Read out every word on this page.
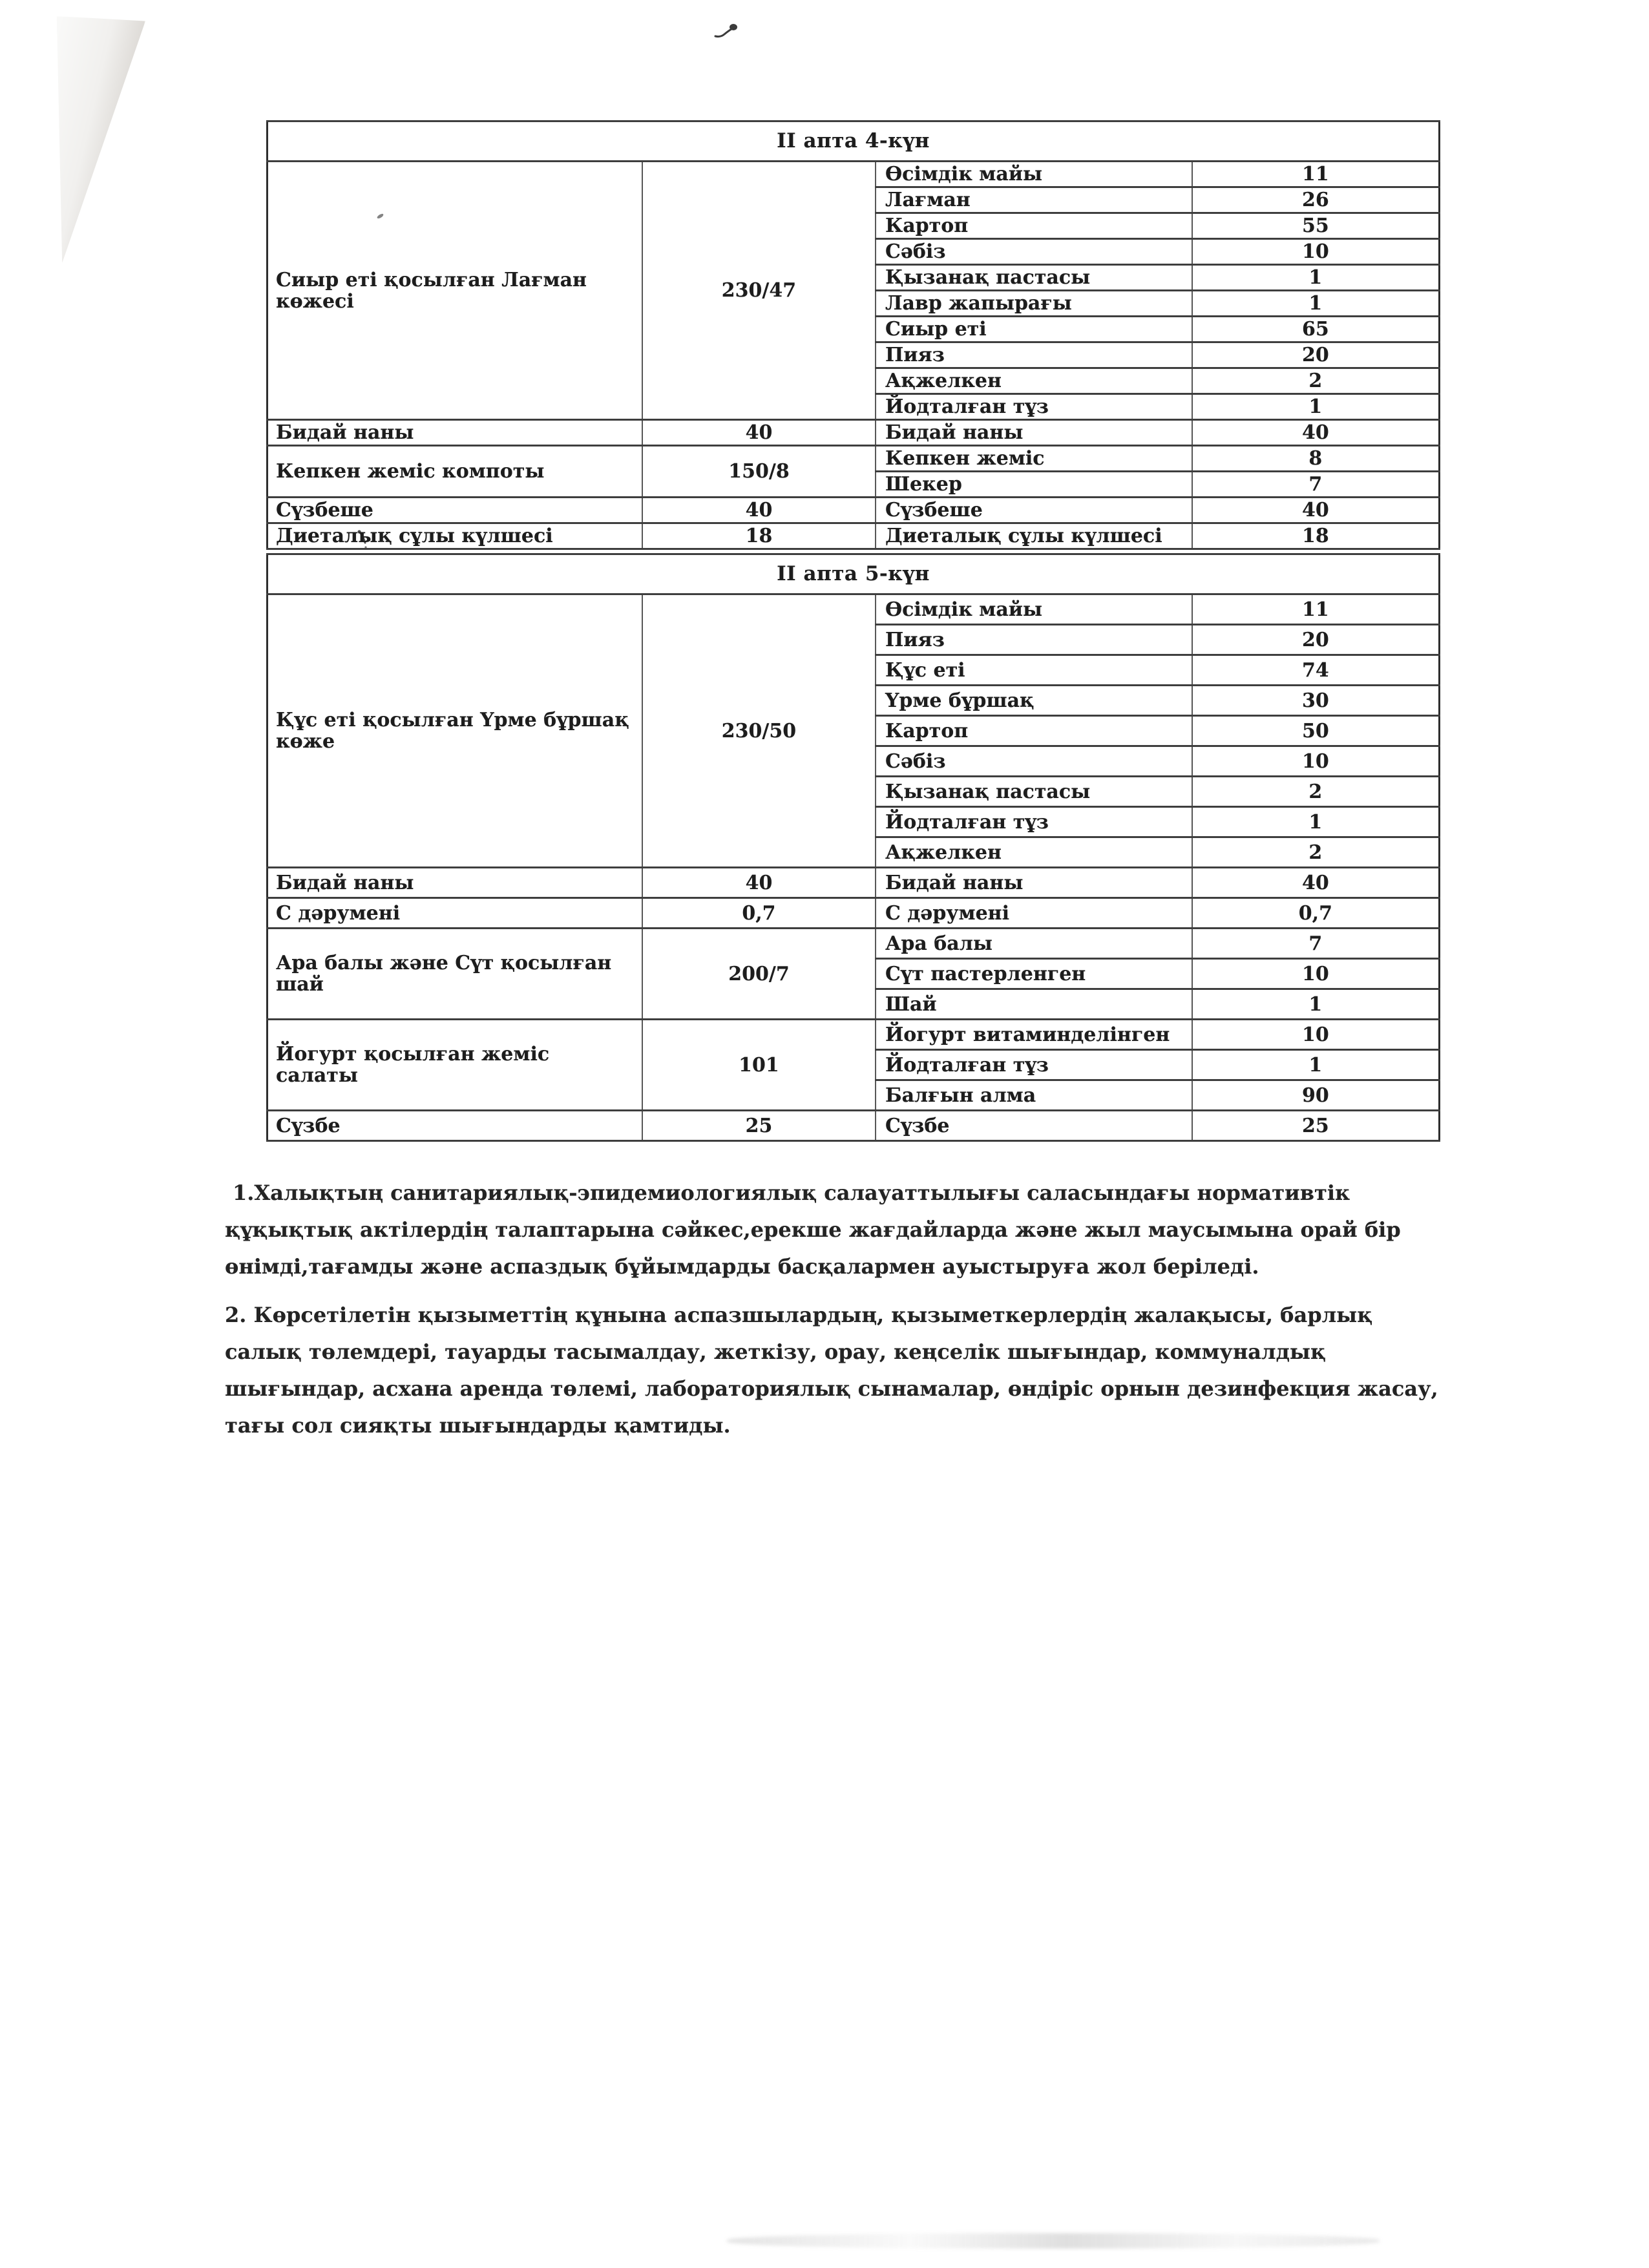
II апта 4-күн			
Сиыр еті қосылған Лағман көжесі	230/47	Өсімдік майы	11
		Лағман	26
		Картоп	55
		Сәбіз	10
		Қызанақ пастасы	1
		Лавр жапырағы	1
		Сиыр еті	65
		Пияз	20
		Ақжелкен	2
		Йодталған тұз	1
Бидай наны	40	Бидай наны	40
Кепкен жеміс компоты	150/8	Кепкен жеміс	8
		Шекер	7
Сүзбеше	40	Сүзбеше	40
Диеталық сұлы күлшесі	18	Диеталық сұлы күлшесі	18
II апта 5-күн			
Құс еті қосылған Үрме бұршақ көже	230/50	Өсімдік майы	11
		Пияз	20
		Құс еті	74
		Үрме бұршақ	30
		Картоп	50
		Сәбіз	10
		Қызанақ пастасы	2
		Йодталған тұз	1
		Ақжелкен	2
Бидай наны	40	Бидай наны	40
С дәрумені	0,7	С дәрумені	0,7
Ара балы және Сүт қосылған шай	200/7	Ара балы	7
		Сүт пастерленген	10
		Шай	1
Йогурт қосылған жеміс салаты	101	Йогурт витаминделінген	10
		Йодталған тұз	1
		Балғын алма	90
Сүзбе	25	Сүзбе	25

1.Халықтың санитариялық-эпидемиологиялық салауаттылығы саласындағы нормативтік құқықтық актілердің талаптарына сәйкес,ерекше жағдайларда және жыл маусымына орай бір өнімді,тағамды және аспаздық бұйымдарды басқалармен ауыстыруға жол беріледі.

2. Көрсетілетін қызыметтің құнына аспазшылардың, қызыметкерлердің жалақысы, барлық салық төлемдері, тауарды тасымалдау, жеткізу, орау, кеңселік шығындар, коммуналдық шығындар, асхана аренда төлемі, лабораториялық сынамалар, өндіріс орнын дезинфекция жасау, тағы сол сияқты шығындарды қамтиды.
